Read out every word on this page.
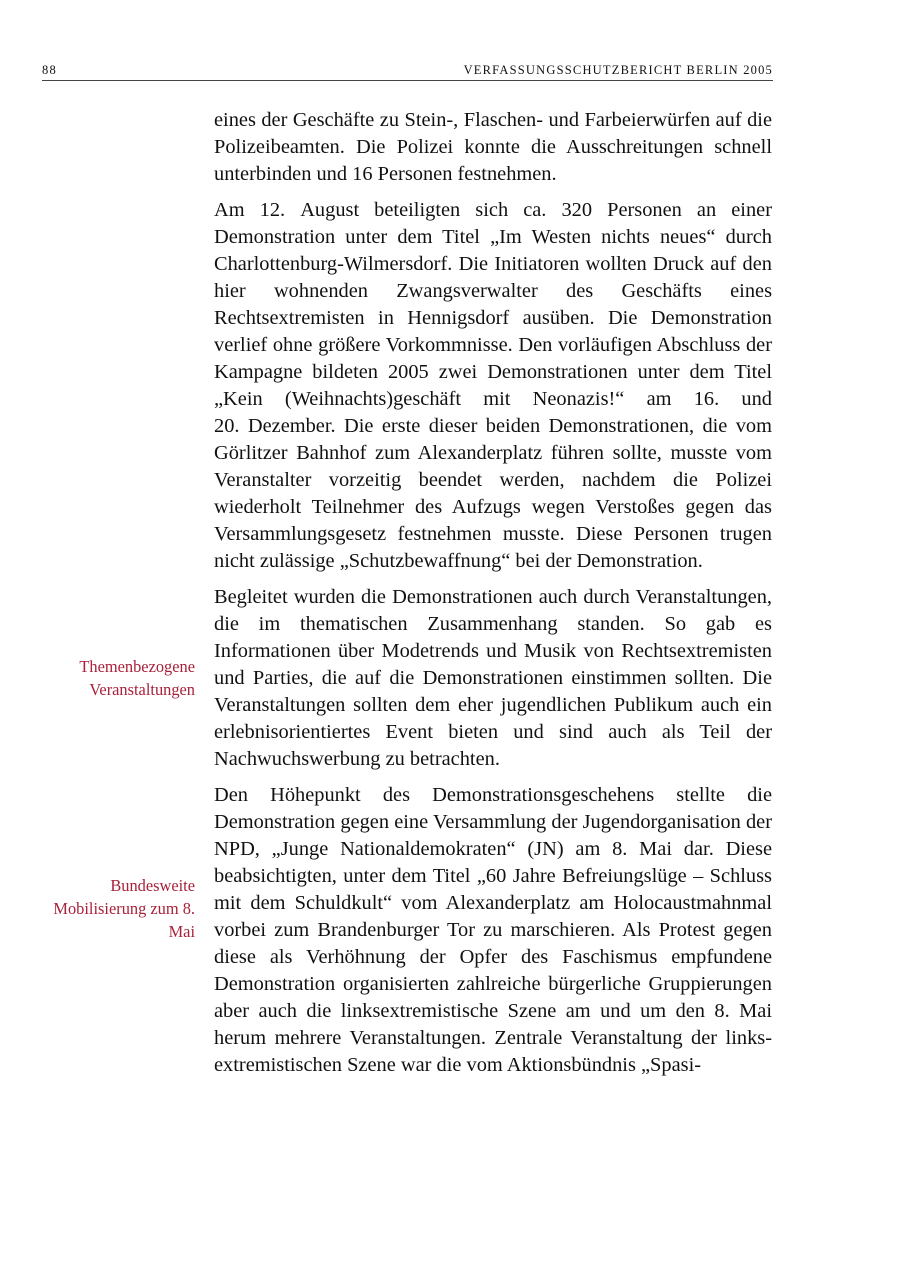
88	VERFASSUNGSSCHUTZBERICHT BERLIN 2005

eines der Geschäfte zu Stein-, Flaschen- und Farbeierwürfen auf die Polizeibeamten. Die Polizei konnte die Ausschreitungen schnell unterbinden und 16 Personen festnehmen.

Am 12. August beteiligten sich ca. 320 Personen an einer Demonstration unter dem Titel „Im Westen nichts neues“ durch Charlottenburg-Wilmersdorf. Die Initiatoren wollten Druck auf den hier wohnenden Zwangsverwalter des Geschäfts eines Rechtsextremisten in Hennigsdorf ausüben. Die Demonstration verlief ohne größere Vorkommnisse. Den vorläufigen Abschluss der Kampagne bildeten 2005 zwei Demonstrationen unter dem Titel „Kein (Weihnachts)geschäft mit Neonazis!“ am 16. und 20. Dezember. Die erste dieser beiden Demonstrationen, die vom Görlitzer Bahnhof zum Alexanderplatz führen sollte, musste vom Veranstalter vorzeitig beendet werden, nachdem die Polizei wiederholt Teilnehmer des Aufzugs wegen Verstoßes gegen das Versammlungsgesetz festnehmen musste. Diese Personen trugen nicht zulässige „Schutzbewaffnung“ bei der Demonstration.

Begleitet wurden die Demonstrationen auch durch Veranstaltungen, die im thematischen Zusammenhang standen. So gab es Informationen über Modetrends und Musik von Rechtsextremisten und Parties, die auf die Demonstrationen einstimmen sollten. Die Veranstaltungen sollten dem eher jugendlichen Publikum auch ein erlebnisorientiertes Event bieten und sind auch als Teil der Nachwuchswerbung zu betrachten.

Den Höhepunkt des Demonstrationsgeschehens stellte die Demonstration gegen eine Versammlung der Jugendorganisation der NPD, „Junge Nationaldemokraten“ (JN) am 8. Mai dar. Diese beabsichtigten, unter dem Titel „60 Jahre Befreiungslüge – Schluss mit dem Schuldkult“ vom Alexanderplatz am Holocaustmahnmal vorbei zum Brandenburger Tor zu marschieren. Als Protest gegen diese als Verhöhnung der Opfer des Faschismus empfundene Demonstration organisierten zahlreiche bürgerliche Gruppierungen aber auch die linksextremistische Szene am und um den 8. Mai herum mehrere Veranstaltungen. Zentrale Veranstaltung der linksextremistischen Szene war die vom Aktionsbündnis „Spasi-

Themenbezogene Veranstaltungen
Bundesweite Mobilisierung zum 8. Mai
